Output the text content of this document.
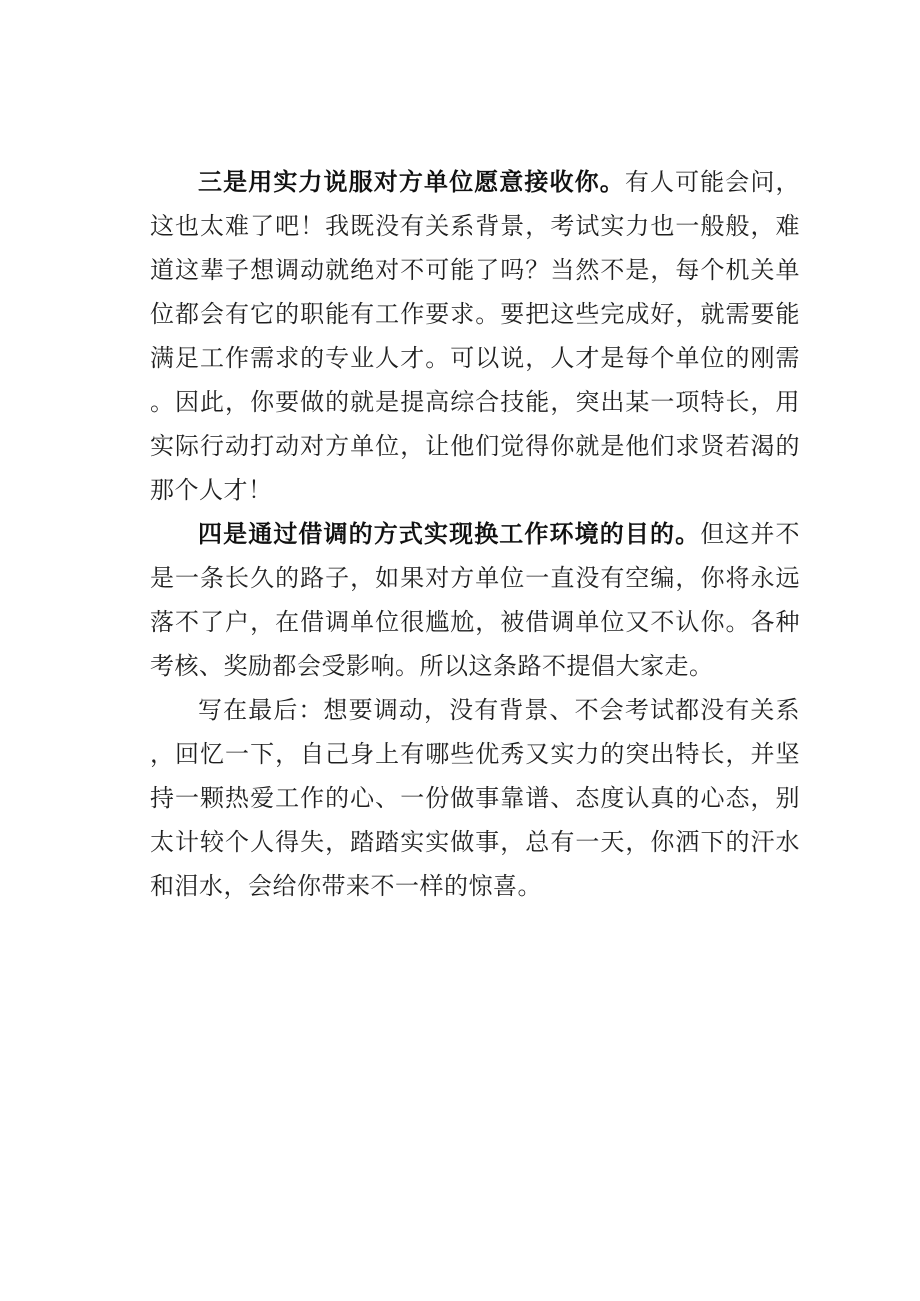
三是用实力说服对方单位愿意接收你。有人可能会问，这也太难了吧！我既没有关系背景，考试实力也一般般，难道这辈子想调动就绝对不可能了吗？当然不是，每个机关单位都会有它的职能有工作要求。要把这些完成好，就需要能满足工作需求的专业人才。可以说，人才是每个单位的刚需。因此，你要做的就是提高综合技能，突出某一项特长，用实际行动打动对方单位，让他们觉得你就是他们求贤若渴的那个人才！

四是通过借调的方式实现换工作环境的目的。但这并不是一条长久的路子，如果对方单位一直没有空编，你将永远落不了户，在借调单位很尴尬，被借调单位又不认你。各种考核、奖励都会受影响。所以这条路不提倡大家走。

写在最后：想要调动，没有背景、不会考试都没有关系，回忆一下，自己身上有哪些优秀又实力的突出特长，并坚持一颗热爱工作的心、一份做事靠谱、态度认真的心态，别太计较个人得失，踏踏实实做事，总有一天，你洒下的汗水和泪水，会给你带来不一样的惊喜。
